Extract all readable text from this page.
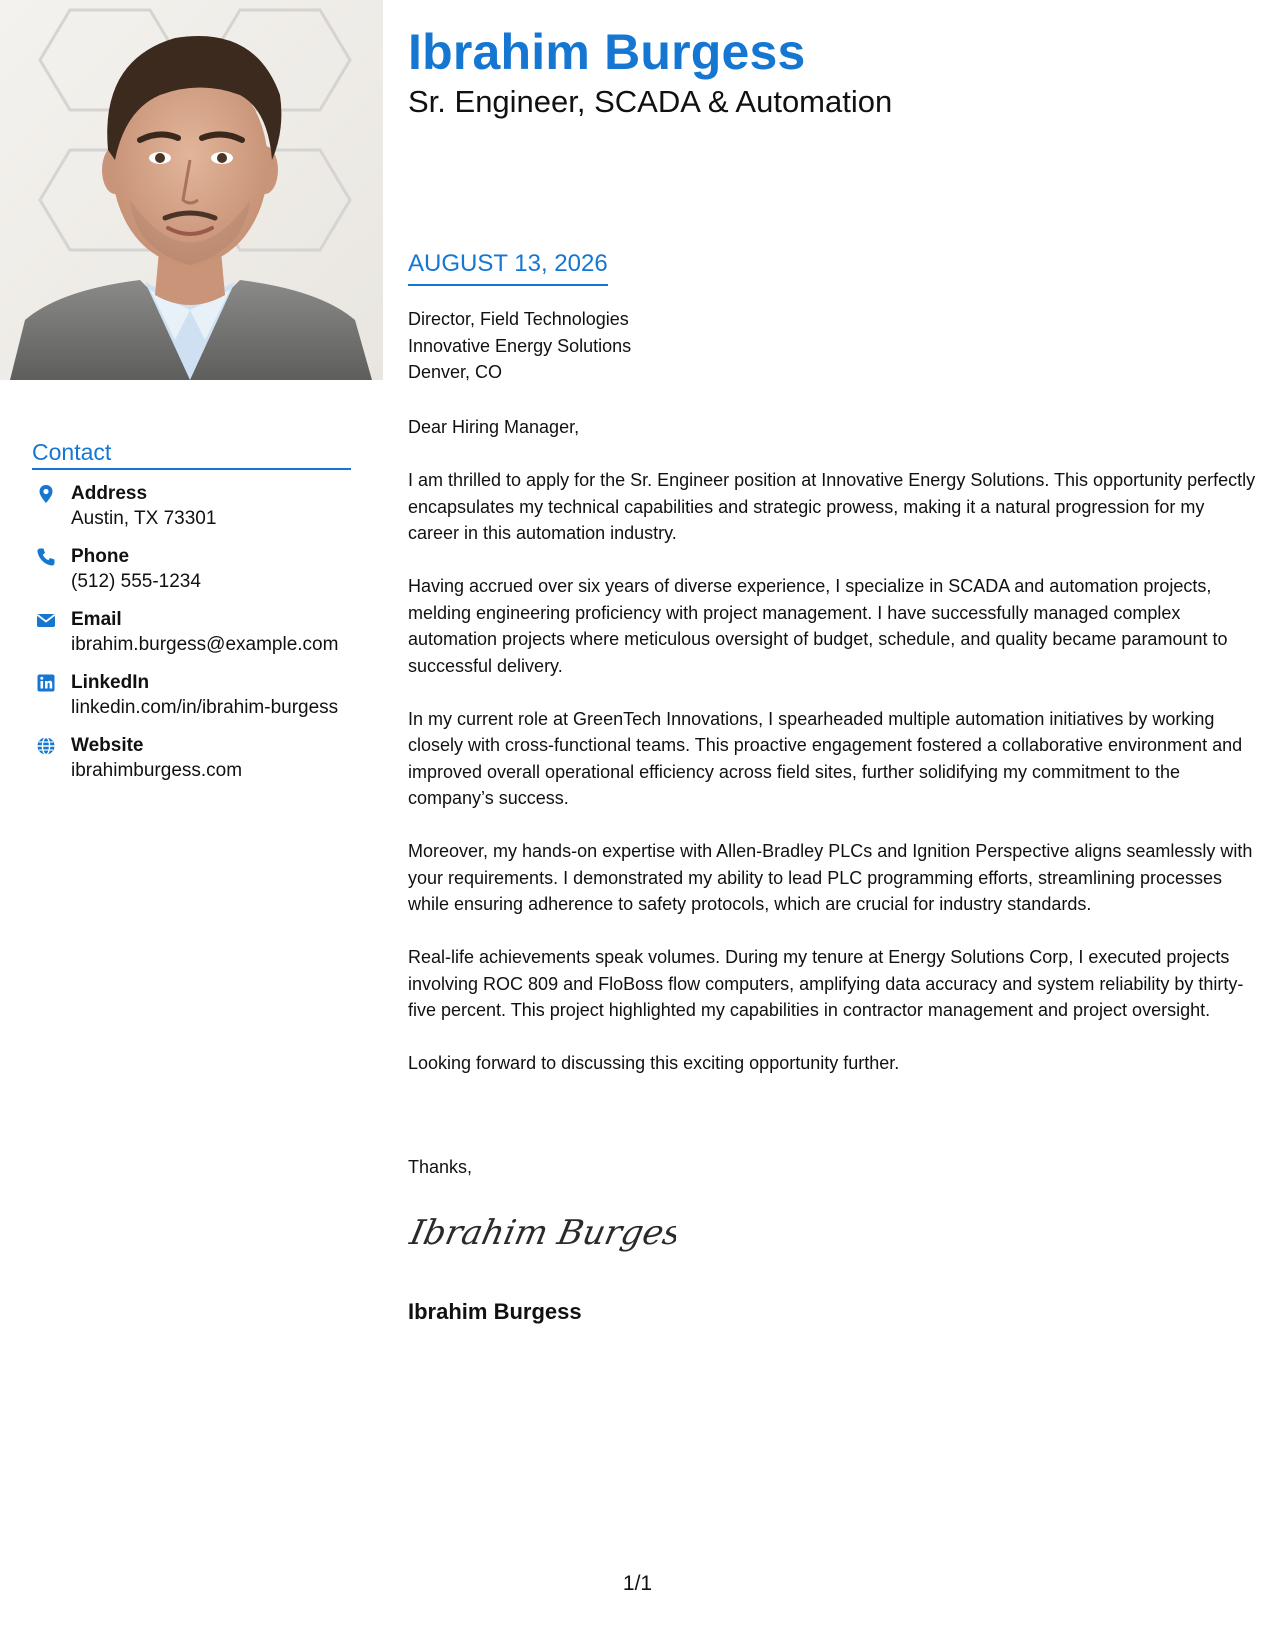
Ibrahim Burgess
Sr. Engineer, SCADA & Automation
Contact
Address
Austin, TX 73301
Phone
(512) 555-1234
Email
ibrahim.burgess@example.com
LinkedIn
linkedin.com/in/ibrahim-burgess
Website
ibrahimburgess.com
AUGUST 13, 2026
Director, Field Technologies
Innovative Energy Solutions
Denver, CO
Dear Hiring Manager,

I am thrilled to apply for the Sr. Engineer position at Innovative Energy Solutions. This opportunity perfectly encapsulates my technical capabilities and strategic prowess, making it a natural progression for my career in this automation industry.

Having accrued over six years of diverse experience, I specialize in SCADA and automation projects, melding engineering proficiency with project management. I have successfully managed complex automation projects where meticulous oversight of budget, schedule, and quality became paramount to successful delivery.

In my current role at GreenTech Innovations, I spearheaded multiple automation initiatives by working closely with cross-functional teams. This proactive engagement fostered a collaborative environment and improved overall operational efficiency across field sites, further solidifying my commitment to the company’s success.

Moreover, my hands-on expertise with Allen-Bradley PLCs and Ignition Perspective aligns seamlessly with your requirements. I demonstrated my ability to lead PLC programming efforts, streamlining processes while ensuring adherence to safety protocols, which are crucial for industry standards.

Real-life achievements speak volumes. During my tenure at Energy Solutions Corp, I executed projects involving ROC 809 and FloBoss flow computers, amplifying data accuracy and system reliability by thirty-five percent. This project highlighted my capabilities in contractor management and project oversight.

Looking forward to discussing this exciting opportunity further.

Thanks,
Ibrahim Burgess
Ibrahim Burgess
1/1
